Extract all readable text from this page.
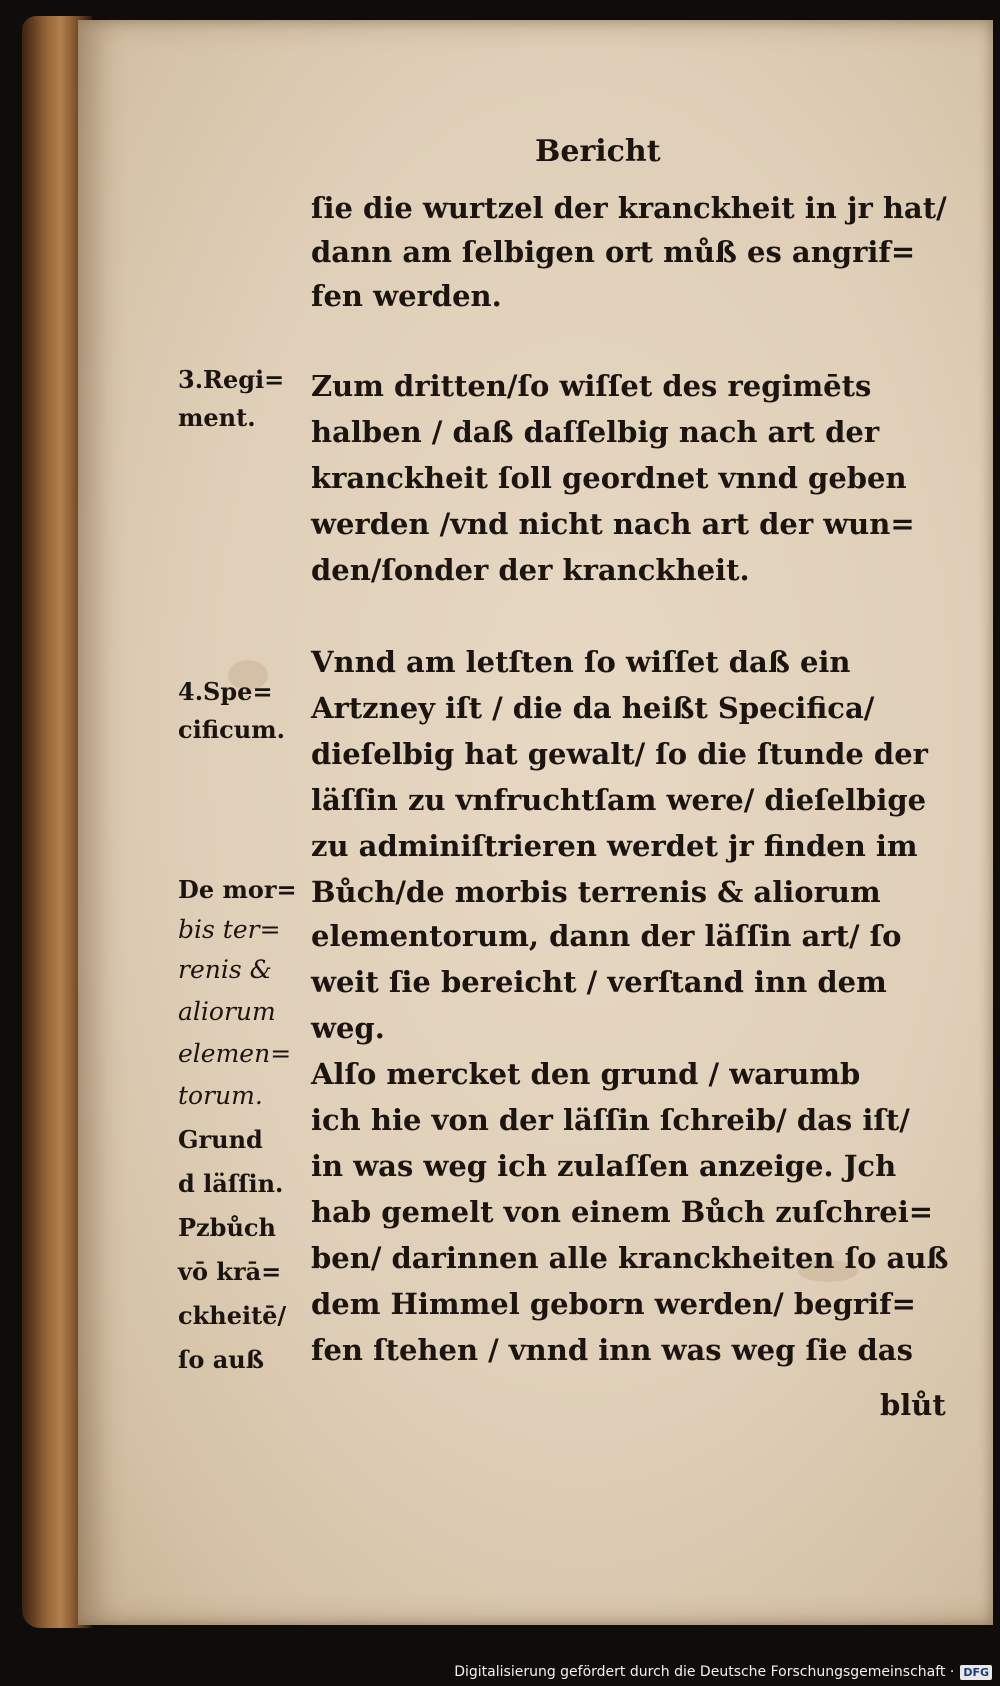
Bericht

ſie die wurtzel der kranckheit in jr hat/

dann am ſelbigen ort můß es angrif=

fen werden.

3.Regi=

ment.

Zum dritten/ſo wiſſet des regimēts

halben / daß daſſelbig nach art der

kranckheit ſoll geordnet vnnd geben

werden /vnd nicht nach art der wun=

den/ſonder der kranckheit.

4.Spe=

cificum.

De mor=

bis ter=

renis &

aliorum

elemen=

torum.

Grund

d läſſin.

Pzbůch

vō krā=

ckheitē/

ſo auß

Vnnd am letſten ſo wiſſet daß ein

Artzney iſt / die da heißt Specifica/

dieſelbig hat gewalt/ ſo die ſtunde der

läſſin zu vnfruchtſam were/ dieſelbige

zu adminiſtrieren werdet jr finden im

Bůch/de morbis terrenis & aliorum

elementorum, dann der läſſin art/ ſo

weit ſie bereicht / verſtand inn dem

weg.

Alſo mercket den grund / warumb

ich hie von der läſſin ſchreib/ das iſt/

in was weg ich zulaſſen anzeige. Jch

hab gemelt von einem Bůch zuſchrei=

ben/ darinnen alle kranckheiten ſo auß

dem Himmel geborn werden/ begrif=

fen ſtehen / vnnd inn was weg ſie das

blůt

Digitalisierung gefördert durch die Deutsche Forschungsgemeinschaft · DFG
